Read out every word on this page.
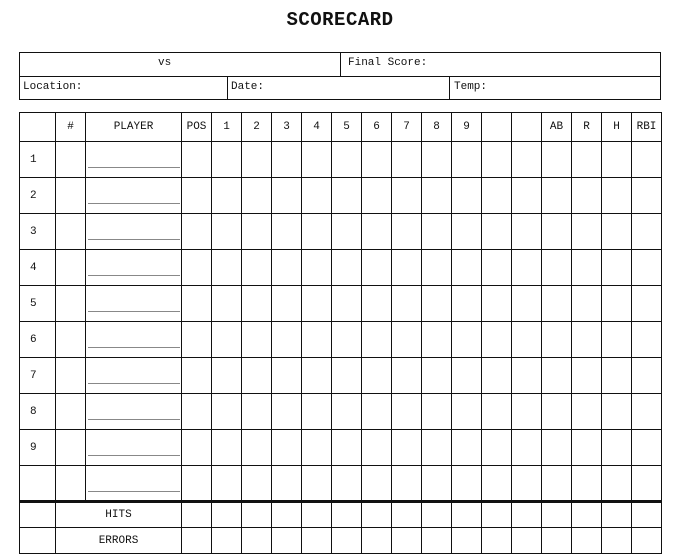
SCORECARD
vs	Final Score:
Location:	Date:	Temp:
	#	PLAYER	POS	1	2	3	4	5	6	7	8	9			AB	R	H	RBI
1		

2		

3		

4		

5		

6		

7		

8		

9		

	HITS																	
	ERRORS																	
